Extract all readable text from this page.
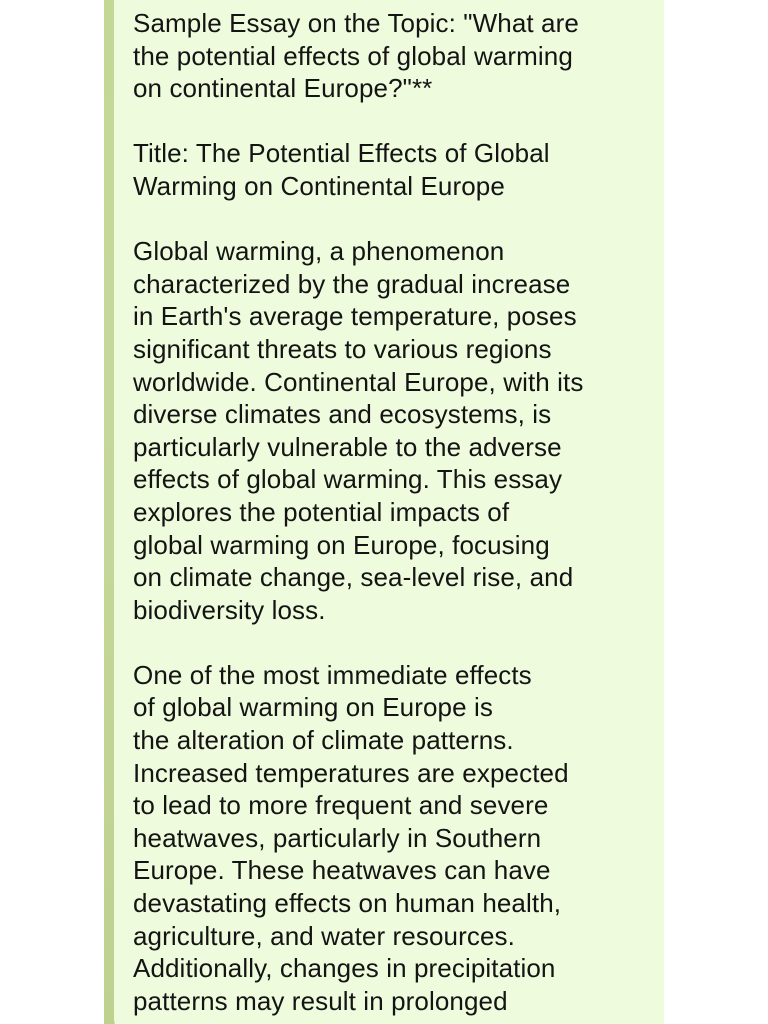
Sample Essay on the Topic: "What are
the potential effects of global warming
on continental Europe?"**

Title: The Potential Effects of Global
Warming on Continental Europe

Global warming, a phenomenon
characterized by the gradual increase
in Earth's average temperature, poses
significant threats to various regions
worldwide. Continental Europe, with its
diverse climates and ecosystems, is
particularly vulnerable to the adverse
effects of global warming. This essay
explores the potential impacts of
global warming on Europe, focusing
on climate change, sea-level rise, and
biodiversity loss.

One of the most immediate effects
of global warming on Europe is
the alteration of climate patterns.
Increased temperatures are expected
to lead to more frequent and severe
heatwaves, particularly in Southern
Europe. These heatwaves can have
devastating effects on human health,
agriculture, and water resources.
Additionally, changes in precipitation
patterns may result in prolonged
